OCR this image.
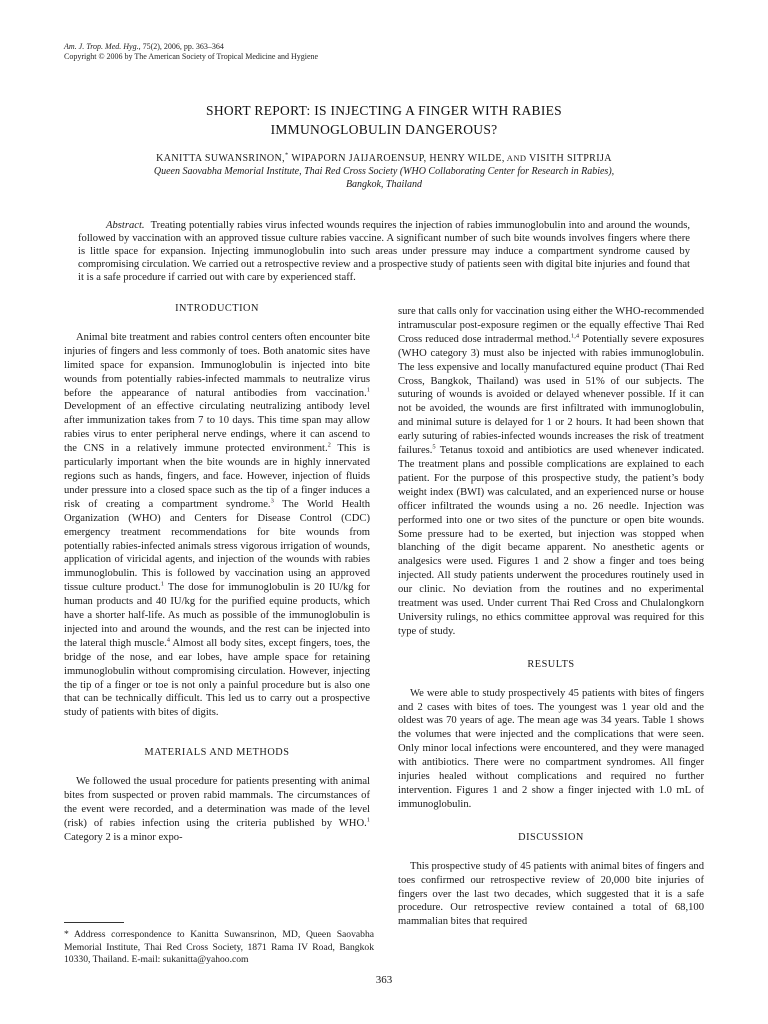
Am. J. Trop. Med. Hyg., 75(2), 2006, pp. 363–364
Copyright © 2006 by The American Society of Tropical Medicine and Hygiene
SHORT REPORT: IS INJECTING A FINGER WITH RABIES
IMMUNOGLOBULIN DANGEROUS?
KANITTA SUWANSRINON,* WIPAPORN JAIJAROENSUP, HENRY WILDE, AND VISITH SITPRIJA
Queen Saovabha Memorial Institute, Thai Red Cross Society (WHO Collaborating Center for Research in Rabies),
Bangkok, Thailand
Abstract. Treating potentially rabies virus infected wounds requires the injection of rabies immunoglobulin into and around the wounds, followed by vaccination with an approved tissue culture rabies vaccine. A significant number of such bite wounds involves fingers where there is little space for expansion. Injecting immunoglobulin into such areas under pressure may induce a compartment syndrome caused by compromising circulation. We carried out a retrospective review and a prospective study of patients seen with digital bite injuries and found that it is a safe procedure if carried out with care by experienced staff.
INTRODUCTION

Animal bite treatment and rabies control centers often encounter bite injuries of fingers and less commonly of toes. Both anatomic sites have limited space for expansion. Immunoglobulin is injected into bite wounds from potentially rabies-infected mammals to neutralize virus before the appearance of natural antibodies from vaccination.$^1$ Development of an effective circulating neutralizing antibody level after immunization takes from 7 to 10 days. This time span may allow rabies virus to enter peripheral nerve endings, where it can ascend to the CNS in a relatively immune protected environment.$^2$ This is particularly important when the bite wounds are in highly innervated regions such as hands, fingers, and face. However, injection of fluids under pressure into a closed space such as the tip of a finger induces a risk of creating a compartment syndrome.$^3$ The World Health Organization (WHO) and Centers for Disease Control (CDC) emergency treatment recommendations for bite wounds from potentially rabies-infected animals stress vigorous irrigation of wounds, application of viricidal agents, and injection of the wounds with rabies immunoglobulin. This is followed by vaccination using an approved tissue culture product.$^1$ The dose for immunoglobulin is 20 IU/kg for human products and 40 IU/kg for the purified equine products, which have a shorter half-life. As much as possible of the immunoglobulin is injected into and around the wounds, and the rest can be injected into the lateral thigh muscle.$^4$ Almost all body sites, except fingers, toes, the bridge of the nose, and ear lobes, have ample space for retaining immunoglobulin without compromising circulation. However, injecting the tip of a finger or toe is not only a painful procedure but is also one that can be technically difficult. This led us to carry out a prospective study of patients with bites of digits.

MATERIALS AND METHODS

We followed the usual procedure for patients presenting with animal bites from suspected or proven rabid mammals. The circumstances of the event were recorded, and a determination was made of the level (risk) of rabies infection using the criteria published by WHO.$^1$ Category 2 is a minor expo-

sure that calls only for vaccination using either the WHO-recommended intramuscular post-exposure regimen or the equally effective Thai Red Cross reduced dose intradermal method.$^{1,4}$ Potentially severe exposures (WHO category 3) must also be injected with rabies immunoglobulin. The less expensive and locally manufactured equine product (Thai Red Cross, Bangkok, Thailand) was used in 51% of our subjects. The suturing of wounds is avoided or delayed whenever possible. If it can not be avoided, the wounds are first infiltrated with immunoglobulin, and minimal suture is delayed for 1 or 2 hours. It had been shown that early suturing of rabies-infected wounds increases the risk of treatment failures.$^5$ Tetanus toxoid and antibiotics are used whenever indicated. The treatment plans and possible complications are explained to each patient. For the purpose of this prospective study, the patient’s body weight index (BWI) was calculated, and an experienced nurse or house officer infiltrated the wounds using a no. 26 needle. Injection was performed into one or two sites of the puncture or open bite wounds. Some pressure had to be exerted, but injection was stopped when blanching of the digit became apparent. No anesthetic agents or analgesics were used. Figures 1 and 2 show a finger and toes being injected. All study patients underwent the procedures routinely used in our clinic. No deviation from the routines and no experimental treatment was used. Under current Thai Red Cross and Chulalongkorn University rulings, no ethics committee approval was required for this type of study.

RESULTS

We were able to study prospectively 45 patients with bites of fingers and 2 cases with bites of toes. The youngest was 1 year old and the oldest was 70 years of age. The mean age was 34 years. Table 1 shows the volumes that were injected and the complications that were seen. Only minor local infections were encountered, and they were managed with antibiotics. There were no compartment syndromes. All finger injuries healed without complications and required no further intervention. Figures 1 and 2 show a finger injected with 1.0 mL of immunoglobulin.

DISCUSSION

This prospective study of 45 patients with animal bites of fingers and toes confirmed our retrospective review of 20,000 bite injuries of fingers over the last two decades, which suggested that it is a safe procedure. Our retrospective review contained a total of 68,100 mammalian bites that required

* Address correspondence to Kanitta Suwansrinon, MD, Queen Saovabha Memorial Institute, Thai Red Cross Society, 1871 Rama IV Road, Bangkok 10330, Thailand. E-mail: sukanitta@yahoo.com
363
